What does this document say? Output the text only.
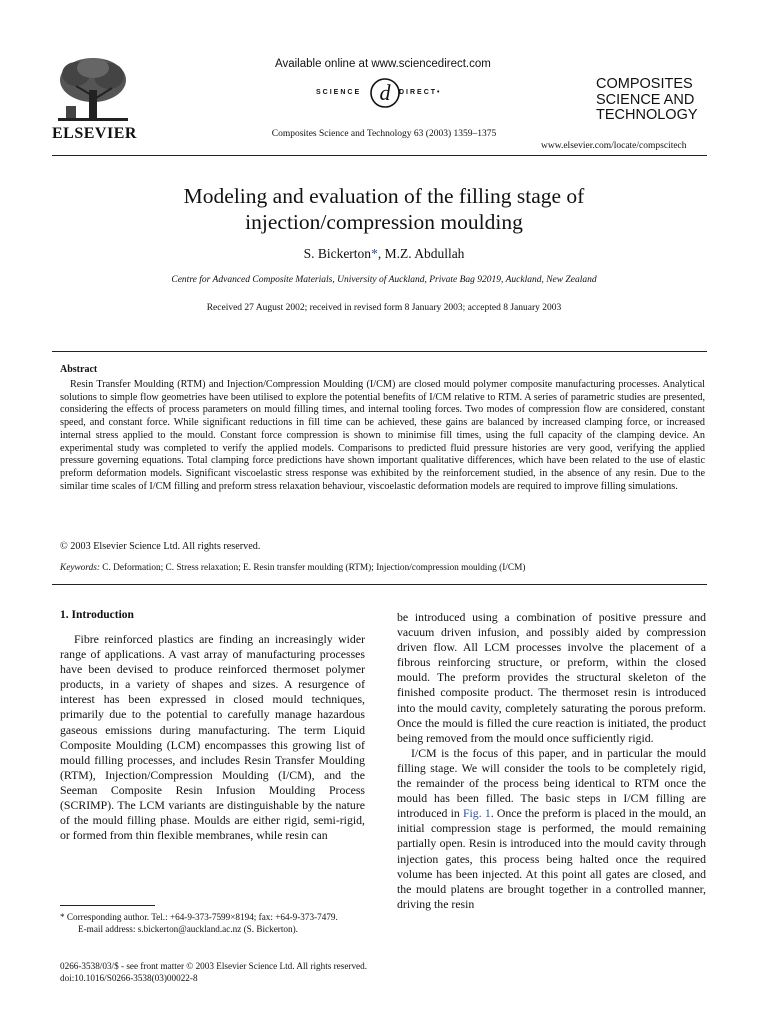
ELSEVIER
Available online at www.sciencedirect.com
d
SCIENCE	DIRECT•
Composites Science and Technology 63 (2003) 1359–1375
COMPOSITES
SCIENCE AND
TECHNOLOGY
www.elsevier.com/locate/compscitech
Modeling and evaluation of the filling stage of
injection/compression moulding
S. Bickerton*, M.Z. Abdullah
Centre for Advanced Composite Materials, University of Auckland, Private Bag 92019, Auckland, New Zealand
Received 27 August 2002; received in revised form 8 January 2003; accepted 8 January 2003
Abstract
Resin Transfer Moulding (RTM) and Injection/Compression Moulding (I/CM) are closed mould polymer composite manufacturing processes. Analytical solutions to simple flow geometries have been utilised to explore the potential benefits of I/CM relative to RTM. A series of parametric studies are presented, considering the effects of process parameters on mould filling times, and internal tooling forces. Two modes of compression flow are considered, constant speed, and constant force. While significant reductions in fill time can be achieved, these gains are balanced by increased clamping force, or increased internal stress applied to the mould. Constant force compression is shown to minimise fill times, using the full capacity of the clamping device. An experimental study was completed to verify the applied models. Comparisons to predicted fluid pressure histories are very good, verifying the applied pressure governing equations. Total clamping force predictions have shown important qualitative differences, which have been related to the use of elastic preform deformation models. Significant viscoelastic stress response was exhibited by the reinforcement studied, in the absence of any resin. Due to the similar time scales of I/CM filling and preform stress relaxation behaviour, viscoelastic deformation models are required to improve filling simulations.
© 2003 Elsevier Science Ltd. All rights reserved.
Keywords: C. Deformation; C. Stress relaxation; E. Resin transfer moulding (RTM); Injection/compression moulding (I/CM)
1. Introduction

Fibre reinforced plastics are finding an increasingly wider range of applications. A vast array of manufacturing processes have been devised to produce reinforced thermoset polymer products, in a variety of shapes and sizes. A resurgence of interest has been expressed in closed mould techniques, primarily due to the potential to carefully manage hazardous gaseous emissions during manufacturing. The term Liquid Composite Moulding (LCM) encompasses this growing list of mould filling processes, and includes Resin Transfer Moulding (RTM), Injection/Compression Moulding (I/CM), and the Seeman Composite Resin Infusion Moulding Process (SCRIMP). The LCM variants are distinguishable by the nature of the mould filling phase. Moulds are either rigid, semi-rigid, or formed from thin flexible membranes, while resin can

be introduced using a combination of positive pressure and vacuum driven infusion, and possibly aided by compression driven flow. All LCM processes involve the placement of a fibrous reinforcing structure, or preform, within the closed mould. The preform provides the structural skeleton of the finished composite product. The thermoset resin is introduced into the mould cavity, completely saturating the porous preform. Once the mould is filled the cure reaction is initiated, the product being removed from the mould once sufficiently rigid.

I/CM is the focus of this paper, and in particular the mould filling stage. We will consider the tools to be completely rigid, the remainder of the process being identical to RTM once the mould has been filled. The basic steps in I/CM filling are introduced in Fig. 1. Once the preform is placed in the mould, an initial compression stage is performed, the mould remaining partially open. Resin is introduced into the mould cavity through injection gates, this process being halted once the required volume has been injected. At this point all gates are closed, and the mould platens are brought together in a controlled manner, driving the resin

* Corresponding author. Tel.: +64-9-373-7599×8194; fax: +64-9-373-7479.
E-mail address: s.bickerton@auckland.ac.nz (S. Bickerton).
0266-3538/03/$ - see front matter © 2003 Elsevier Science Ltd. All rights reserved.
doi:10.1016/S0266-3538(03)00022-8
